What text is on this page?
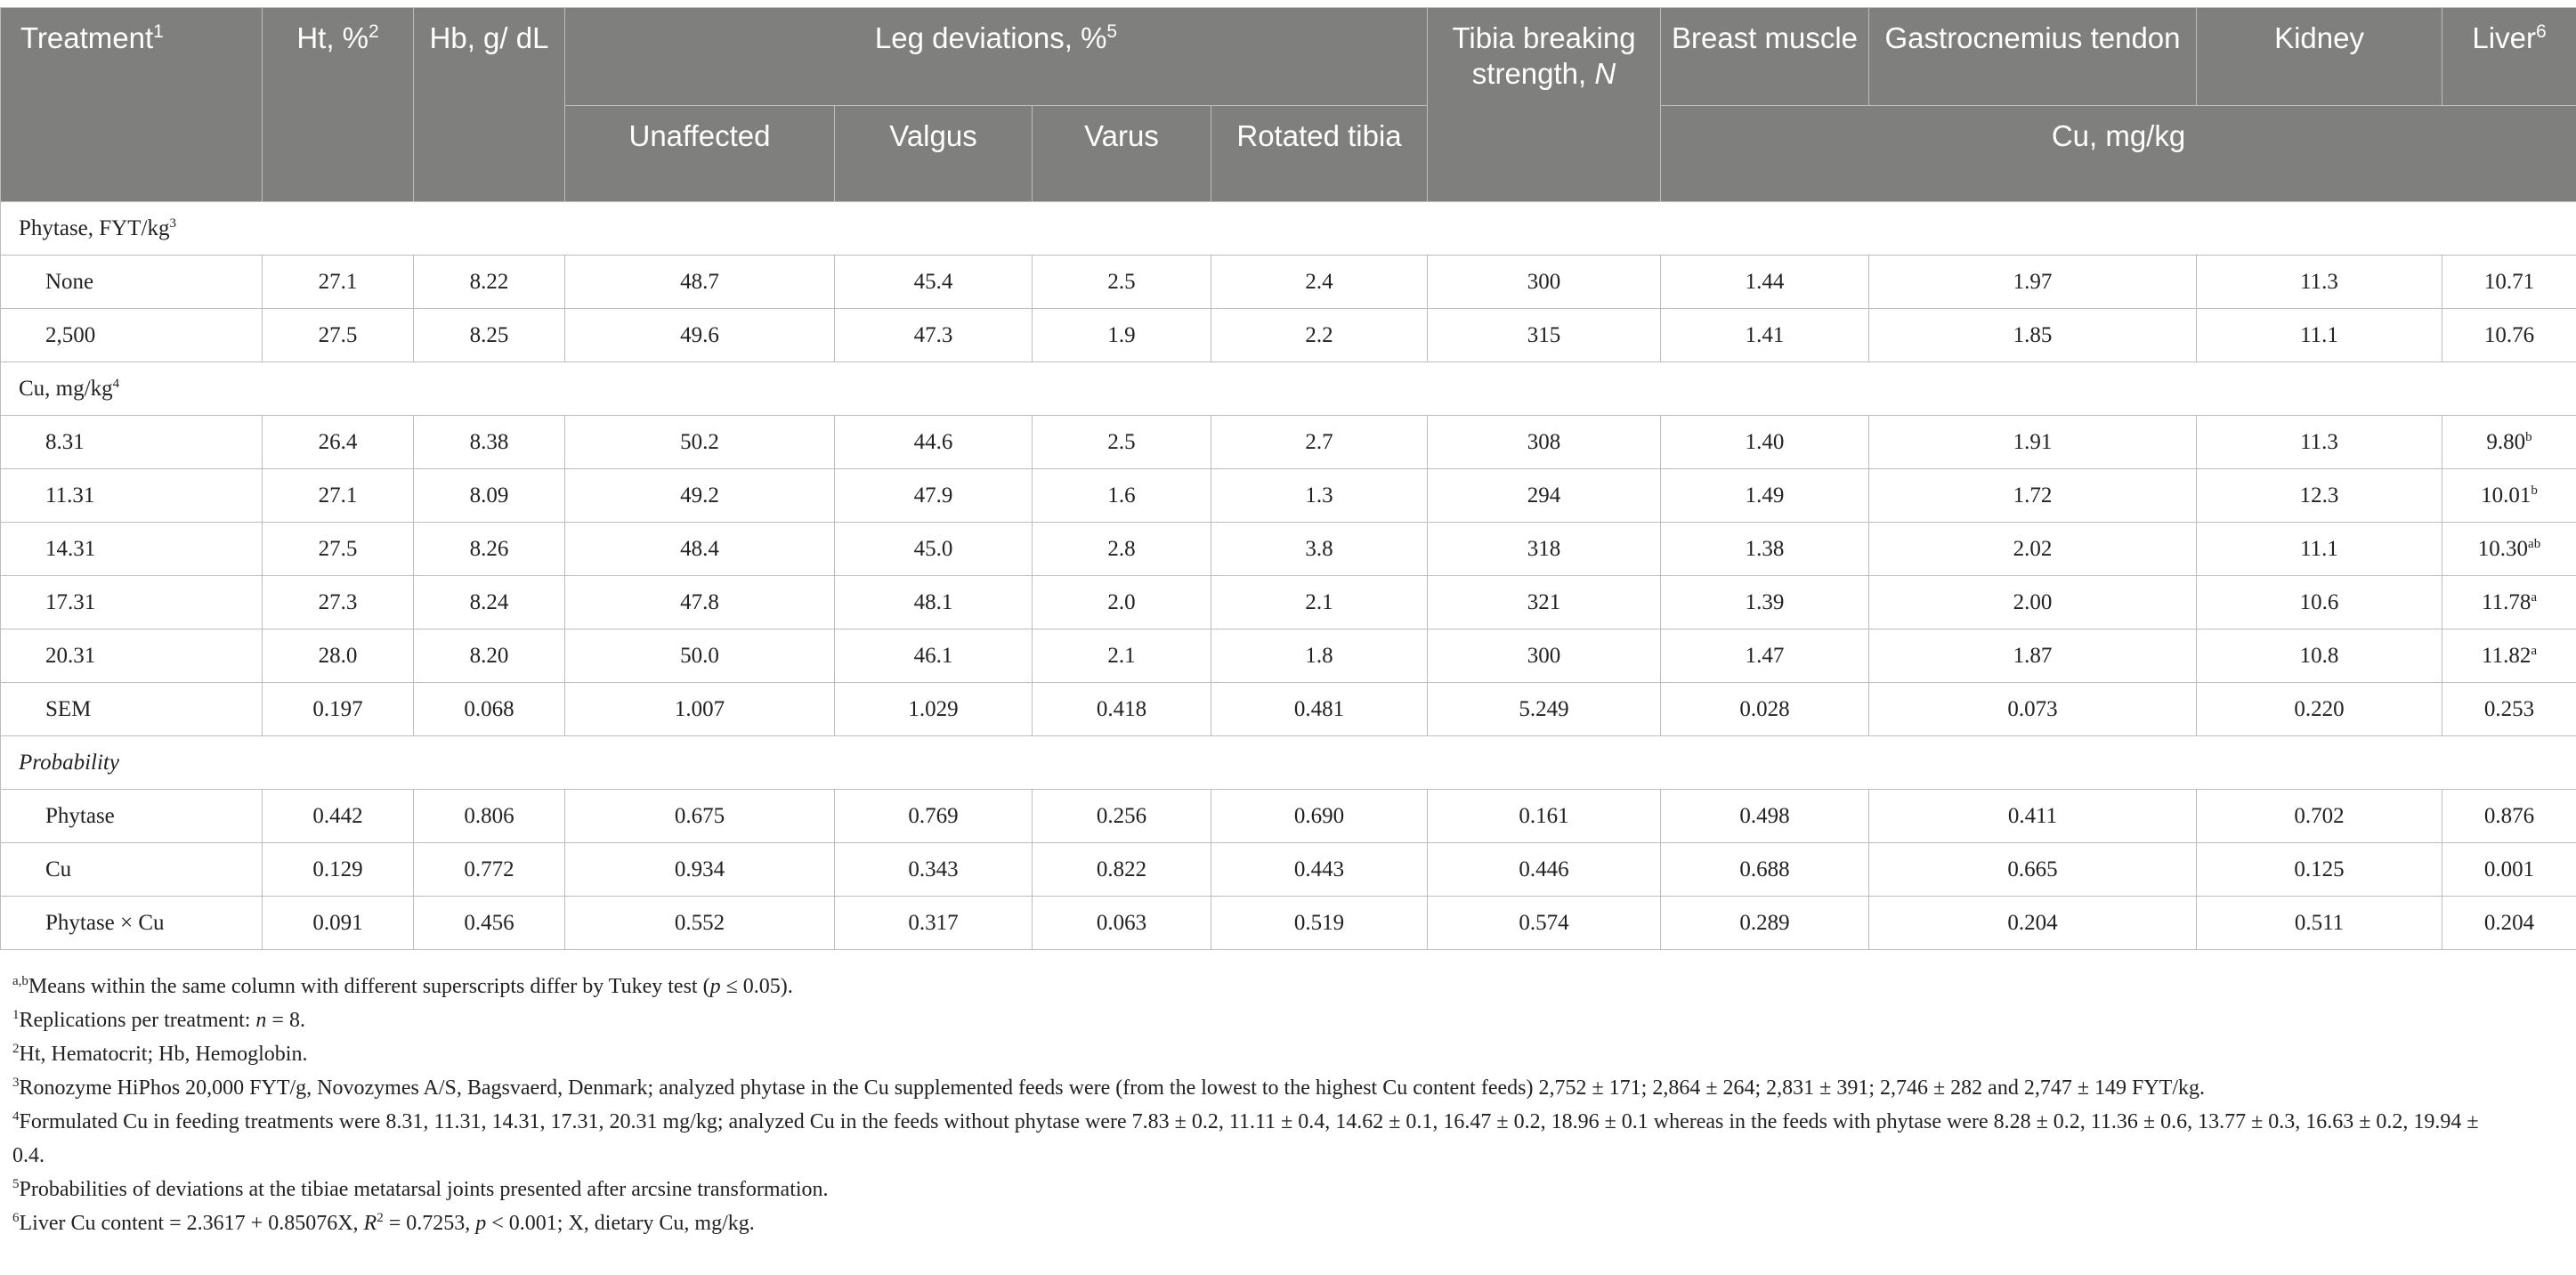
Treatment$^1$	Ht, %$^2$	Hb, g/ dL	Leg deviations, %$^5$				Tibia breaking strength, N	Breast muscle	Gastrocnemius tendon	Kidney	Liver$^6$
			Unaffected	Valgus	Varus	Rotated tibia		Cu, mg/kg			
Phytase, FYT/$kg^3$
None	27.1	8.22	48.7	45.4	2.5	2.4	300	1.44	1.97	11.3	10.71
2,500	27.5	8.25	49.6	47.3	1.9	2.2	315	1.41	1.85	11.1	10.76
Cu, $mg/kg^4$
8.31	26.4	8.38	50.2	44.6	2.5	2.7	308	1.40	1.91	11.3	9.80$^b$
11.31	27.1	8.09	49.2	47.9	1.6	1.3	294	1.49	1.72	12.3	10.01$^b$
14.31	27.5	8.26	48.4	45.0	2.8	3.8	318	1.38	2.02	11.1	10.30$^{ab}$
17.31	27.3	8.24	47.8	48.1	2.0	2.1	321	1.39	2.00	10.6	11.78$^a$
20.31	28.0	8.20	50.0	46.1	2.1	1.8	300	1.47	1.87	10.8	11.82$^a$
SEM	0.197	0.068	1.007	1.029	0.418	0.481	5.249	0.028	0.073	0.220	0.253
Probability											
Phytase	0.442	0.806	0.675	0.769	0.256	0.690	0.161	0.498	0.411	0.702	0.876
Cu	0.129	0.772	0.934	0.343	0.822	0.443	0.446	0.688	0.665	0.125	0.001
Phytase × Cu	0.091	0.456	0.552	0.317	0.063	0.519	0.574	0.289	0.204	0.511	0.204

$^{a,b}$Means within the same column with different superscripts differ by Tukey test (p ≤ 0.05).

$^1$Replications per treatment: n = 8.

$^2$Ht, Hematocrit; Hb, Hemoglobin.

$^3$Ronozyme HiPhos 20,000 FYT/g, Novozymes A/S, Bagsvaerd, Denmark; analyzed phytase in the Cu supplemented feeds were (from the lowest to the highest Cu content feeds) 2,752 ± 171; 2,864 ± 264; 2,831 ± 391; 2,746 ± 282 and 2,747 ± 149 FYT/kg.

$^4$Formulated Cu in feeding treatments were 8.31, 11.31, 14.31, 17.31, 20.31 mg/kg; analyzed Cu in the feeds without phytase were 7.83 ± 0.2, 11.11 ± 0.4, 14.62 ± 0.1, 16.47 ± 0.2, 18.96 ± 0.1 whereas in the feeds with phytase were 8.28 ± 0.2, 11.36 ± 0.6, 13.77 ± 0.3, 16.63 ± 0.2, 19.94 ± 0.4.

$^5$Probabilities of deviations at the tibiae metatarsal joints presented after arcsine transformation.

$^6$Liver Cu content = 2.3617 + 0.85076X, $R^2 = 0.7253$, p < 0.001; X, dietary Cu, mg/kg.
